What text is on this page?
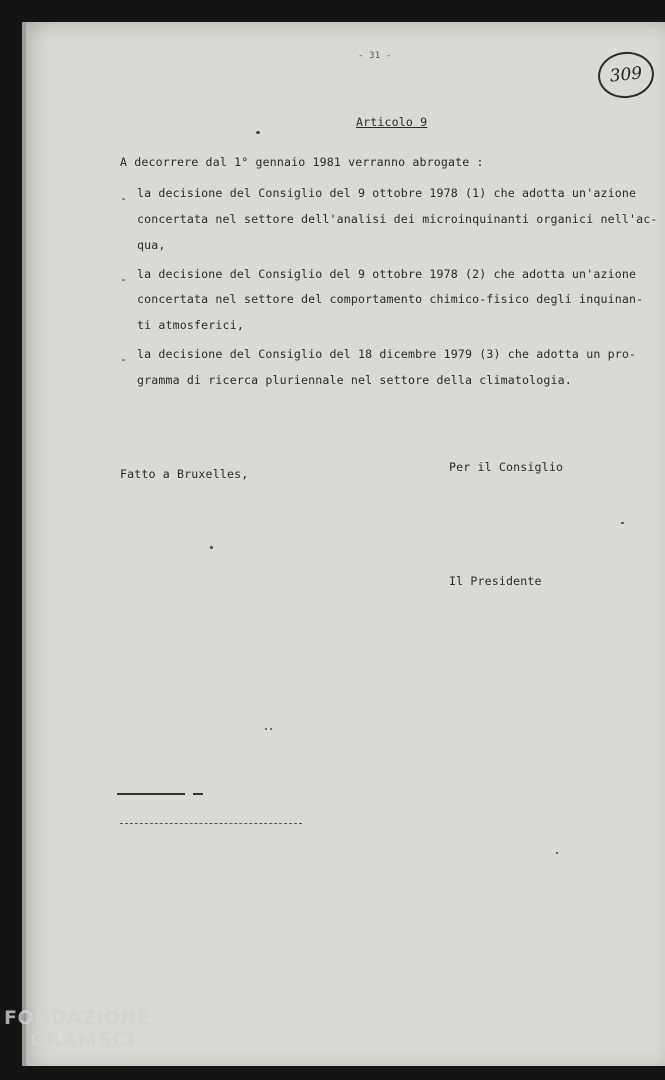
- 31 -
309
Articolo 9
A decorrere dal 1° gennaio 1981 verranno abrogate :
- la decisione del Consiglio del 9 ottobre 1978 (1) che adotta un'azione
concertata nel settore dell'analisi dei microinquinanti organici nell'ac-
qua,
- la decisione del Consiglio del 9 ottobre 1978 (2) che adotta un'azione
concertata nel settore del comportamento chimico-fisico degli inquinan-
ti atmosferici,
- la decisione del Consiglio del 18 dicembre 1979 (3) che adotta un pro-
gramma di ricerca pluriennale nel settore della climatologia.
Fatto a Bruxelles,	Per il Consiglio
Il Presidente
FONDAZIONE
GRAMSCI
onlus
